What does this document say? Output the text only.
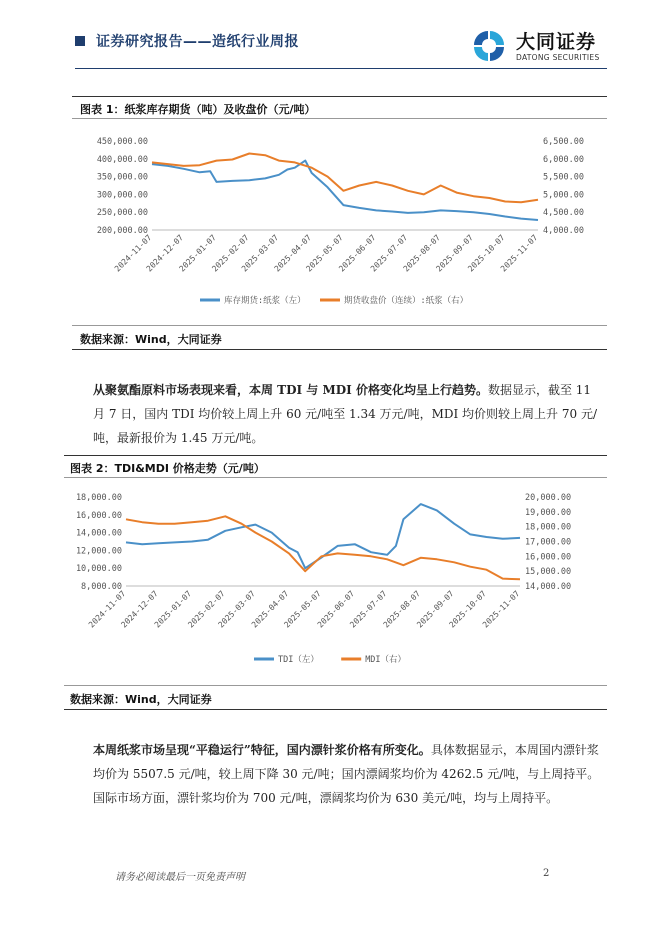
证券研究报告——造纸行业周报	大同证券
DATONG SECURITIES
图表 1：纸浆库存期货（吨）及收盘价（元/吨）
450,000.00
400,000.00
350,000.00
300,000.00
250,000.00
200,000.00
6,500.00
6,000.00
5,500.00
5,000.00
4,500.00
4,000.00
2024-11-07
2024-12-07
2025-01-07
2025-02-07
2025-03-07
2025-04-07
2025-05-07
2025-06-07
2025-07-07
2025-08-07
2025-09-07
2025-10-07
2025-11-07
库存期货:纸浆（左）	期货收盘价（连续）:纸浆（右）
数据来源：Wind，大同证券
从聚氨酯原料市场表现来看，本周 TDI 与 MDI 价格变化均呈上行趋势。数据显示，截至 11 月 7 日，国内 TDI 均价较上周上升 60 元/吨至 1.34 万元/吨，MDI 均价则较上周上升 70 元/吨，最新报价为 1.45 万元/吨。
图表 2：TDI&MDI 价格走势（元/吨）
18,000.00
16,000.00
14,000.00
12,000.00
10,000.00
8,000.00
20,000.00
19,000.00
18,000.00
17,000.00
16,000.00
15,000.00
14,000.00
2024-11-07
2024-12-07
2025-01-07
2025-02-07
2025-03-07
2025-04-07
2025-05-07
2025-06-07
2025-07-07
2025-08-07
2025-09-07
2025-10-07
2025-11-07
TDI（左）	MDI（右）
数据来源：Wind，大同证券
本周纸浆市场呈现“平稳运行”特征，国内漂针浆价格有所变化。具体数据显示，本周国内漂针浆均价为 5507.5 元/吨，较上周下降 30 元/吨；国内漂阔浆均价为 4262.5 元/吨，与上周持平。国际市场方面，漂针浆均价为 700 元/吨，漂阔浆均价为 630 美元/吨，均与上周持平。
请务必阅读最后一页免责声明	2
